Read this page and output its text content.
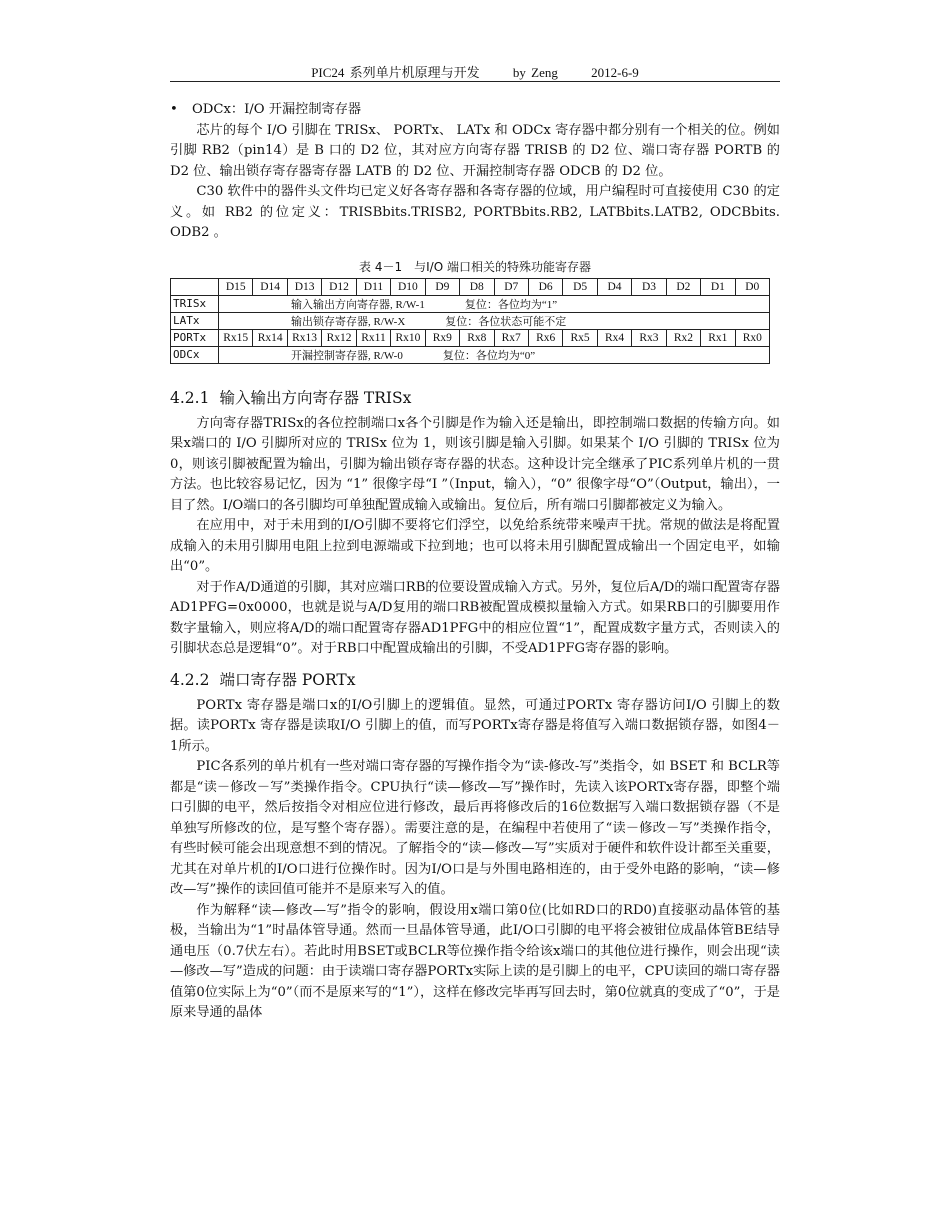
PIC24 系列单片机原理与开发	by Zeng	2012-6-9

• ODCx：I/O 开漏控制寄存器

芯片的每个 I/O 引脚在 TRISx、 PORTx、 LATx 和 ODCx 寄存器中都分别有一个相关的位。例如引脚 RB2（pin14）是 B 口的 D2 位，其对应方向寄存器 TRISB 的 D2 位、端口寄存器 PORTB 的 D2 位、输出锁存寄存器寄存器 LATB 的 D2 位、开漏控制寄存器 ODCB 的 D2 位。

C30 软件中的器件头文件均已定义好各寄存器和各寄存器的位域，用户编程时可直接使用 C30 的定义。如 RB2 的位定义：TRISBbits.TRISB2, PORTBbits.RB2, LATBbits.LATB2, ODCBbits. ODB2 。

表 4－1　与I/O 端口相关的特殊功能寄存器
	D15	D14	D13	D12	D11	D10	D9	D8	D7	D6	D5	D4	D3	D2	D1	D0
TRISx	输入输出方向寄存器, R/W-1 复位：各位均为“1”															
LATx	输出锁存寄存器, R/W-X 复位：各位状态可能不定															
PORTx	Rx15	Rx14	Rx13	Rx12	Rx11	Rx10	Rx9	Rx8	Rx7	Rx6	Rx5	Rx4	Rx3	Rx2	Rx1	Rx0
ODCx	开漏控制寄存器, R/W-0 复位：各位均为“0”															
4.2.1 输入输出方向寄存器 TRISx

方向寄存器TRISx的各位控制端口x各个引脚是作为输入还是输出，即控制端口数据的传输方向。如果x端口的 I/O 引脚所对应的 TRISx 位为 1，则该引脚是输入引脚。如果某个 I/O 引脚的 TRISx 位为 0，则该引脚被配置为输出，引脚为输出锁存寄存器的状态。这种设计完全继承了PIC系列单片机的一贯方法。也比较容易记忆，因为 “1” 很像字母“I ”（Input，输入），“0” 很像字母“O”（Output，输出），一目了然。I/O端口的各引脚均可单独配置成输入或输出。复位后，所有端口引脚都被定义为输入。

在应用中，对于未用到的I/O引脚不要将它们浮空，以免给系统带来噪声干扰。常规的做法是将配置成输入的未用引脚用电阻上拉到电源端或下拉到地；也可以将未用引脚配置成输出一个固定电平，如输出“0”。

对于作A/D通道的引脚，其对应端口RB的位要设置成输入方式。另外，复位后A/D的端口配置寄存器AD1PFG=0x0000，也就是说与A/D复用的端口RB被配置成模拟量输入方式。如果RB口的引脚要用作数字量输入，则应将A/D的端口配置寄存器AD1PFG中的相应位置“1”，配置成数字量方式，否则读入的引脚状态总是逻辑“0”。对于RB口中配置成输出的引脚，不受AD1PFG寄存器的影响。

4.2.2 端口寄存器 PORTx

PORTx 寄存器是端口x的I/O引脚上的逻辑值。显然，可通过PORTx 寄存器访问I/O 引脚上的数据。读PORTx 寄存器是读取I/O 引脚上的值，而写PORTx寄存器是将值写入端口数据锁存器，如图4－1所示。

PIC各系列的单片机有一些对端口寄存器的写操作指令为“读-修改-写”类指令，如 BSET 和 BCLR等都是“读－修改－写”类操作指令。CPU执行“读—修改—写”操作时，先读入该PORTx寄存器，即整个端口引脚的电平，然后按指令对相应位进行修改，最后再将修改后的16位数据写入端口数据锁存器（不是单独写所修改的位，是写整个寄存器）。需要注意的是，在编程中若使用了“读－修改－写”类操作指令，有些时候可能会出现意想不到的情况。了解指令的“读—修改—写”实质对于硬件和软件设计都至关重要，尤其在对单片机的I/O口进行位操作时。因为I/O口是与外围电路相连的，由于受外电路的影响，“读—修改—写”操作的读回值可能并不是原来写入的值。

作为解释“读—修改—写”指令的影响，假设用x端口第0位(比如RD口的RD0)直接驱动晶体管的基极，当输出为“1”时晶体管导通。然而一旦晶体管导通，此I/O口引脚的电平将会被钳位成晶体管BE结导通电压（0.7伏左右）。若此时用BSET或BCLR等位操作指令给该x端口的其他位进行操作，则会出现“读—修改—写”造成的问题：由于读端口寄存器PORTx实际上读的是引脚上的电平，CPU读回的端口寄存器值第0位实际上为“0”（而不是原来写的“1”），这样在修改完毕再写回去时，第0位就真的变成了“0”，于是原来导通的晶体
